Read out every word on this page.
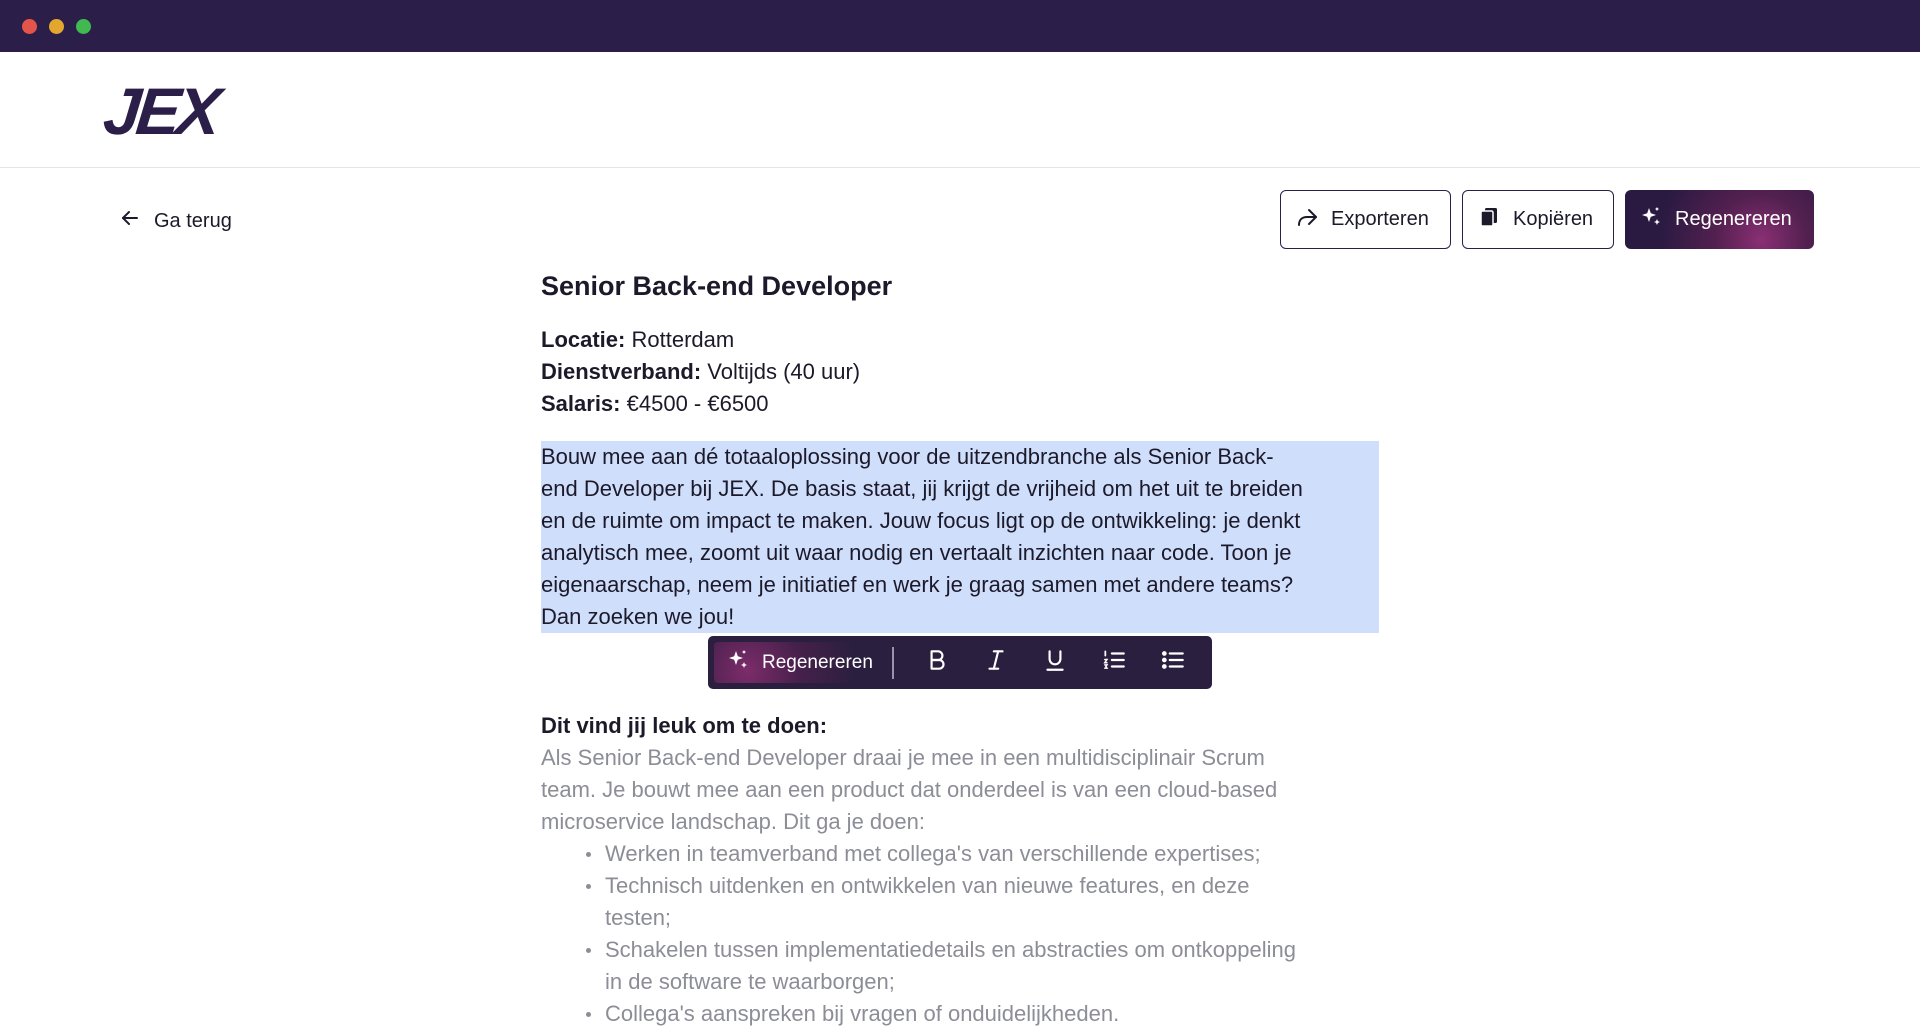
JEX
Ga terug	Exporteren	Kopiëren	Regenereren
Senior Back-end Developer
Locatie: Rotterdam
Dienstverband: Voltijds (40 uur)
Salaris: €4500 - €6500
Bouw mee aan dé totaaloplossing voor de uitzendbranche als Senior Back-
end Developer bij JEX. De basis staat, jij krijgt de vrijheid om het uit te breiden
en de ruimte om impact te maken. Jouw focus ligt op de ontwikkeling: je denkt
analytisch mee, zoomt uit waar nodig en vertaalt inzichten naar code. Toon je
eigenaarschap, neem je initiatief en werk je graag samen met andere teams?
Dan zoeken we jou!
Regenereren
Dit vind jij leuk om te doen:
Als Senior Back-end Developer draai je mee in een multidisciplinair Scrum
team. Je bouwt mee aan een product dat onderdeel is van een cloud-based
microservice landschap. Dit ga je doen:
Werken in teamverband met collega's van verschillende expertises;
Technisch uitdenken en ontwikkelen van nieuwe features, en deze
testen;
Schakelen tussen implementatiedetails en abstracties om ontkoppeling
in de software te waarborgen;
Collega's aanspreken bij vragen of onduidelijkheden.
